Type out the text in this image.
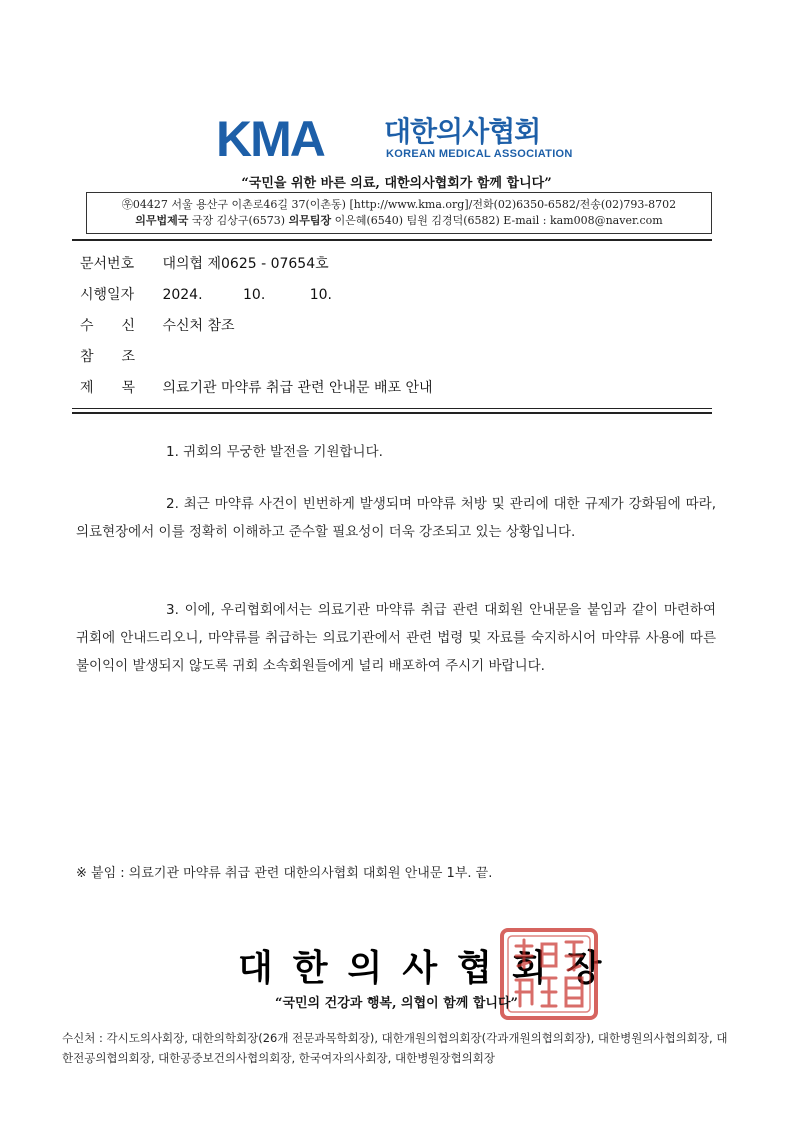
KMA 대한의사협회
KOREAN MEDICAL ASSOCIATION
“국민을 위한 바른 의료, 대한의사협회가 함께 합니다”
㉾04427 서울 용산구 이촌로46길 37(이촌동) [http://www.kma.org]/전화(02)6350-6582/전송(02)793-8702
의무법제국 국장 김상구(6573) 의무팀장 이은혜(6540) 팀원 김경덕(6582) E-mail : kam008@naver.com
문서번호 대의협 제0625 - 07654호
시행일자 2024.	10.	10.
수　　신 수신처 참조
참　　조
제　　목 의료기관 마약류 취급 관련 안내문 배포 안내
1. 귀회의 무궁한 발전을 기원합니다.
2. 최근 마약류 사건이 빈번하게 발생되며 마약류 처방 및 관리에 대한 규제가 강화됨에 따라, 의료현장에서 이를 정확히 이해하고 준수할 필요성이 더욱 강조되고 있는 상황입니다.
3. 이에, 우리협회에서는 의료기관 마약류 취급 관련 대회원 안내문을 붙임과 같이 마련하여 귀회에 안내드리오니, 마약류를 취급하는 의료기관에서 관련 법령 및 자료를 숙지하시어 마약류 사용에 따른 불이익이 발생되지 않도록 귀회 소속회원들에게 널리 배포하여 주시기 바랍니다.
※ 붙임 : 의료기관 마약류 취급 관련 대한의사협회 대회원 안내문 1부. 끝.
대한의사협회장
“국민의 건강과 행복, 의협이 함께 합니다”
수신처 : 각시도의사회장, 대한의학회장(26개 전문과목학회장), 대한개원의협의회장(각과개원의협의회장), 대한병원의사협의회장, 대한전공의협의회장, 대한공중보건의사협의회장, 한국여자의사회장, 대한병원장협의회장
